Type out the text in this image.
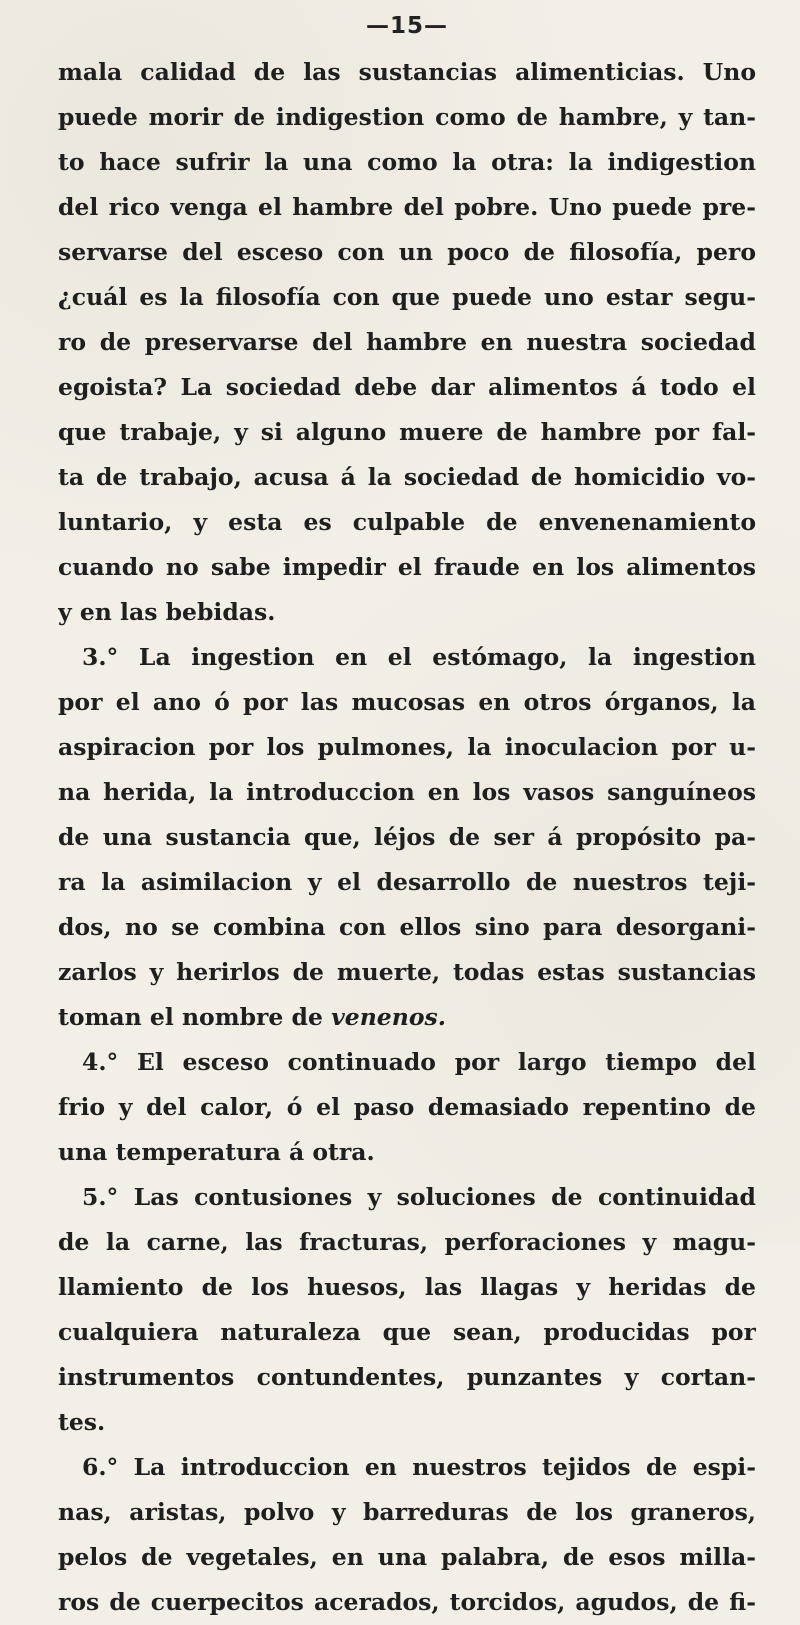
—15—
mala calidad de las sustancias alimenticias. Uno
puede morir de indigestion como de hambre, y tan-
to hace sufrir la una como la otra: la indigestion
del rico venga el hambre del pobre. Uno puede pre-
servarse del esceso con un poco de filosofía, pero
¿cuál es la filosofía con que puede uno estar segu-
ro de preservarse del hambre en nuestra sociedad
egoista? La sociedad debe dar alimentos á todo el
que trabaje, y si alguno muere de hambre por fal-
ta de trabajo, acusa á la sociedad de homicidio vo-
luntario, y esta es culpable de envenenamiento
cuando no sabe impedir el fraude en los alimentos
y en las bebidas.
3.° La ingestion en el estómago, la ingestion
por el ano ó por las mucosas en otros órganos, la
aspiracion por los pulmones, la inoculacion por u-
na herida, la introduccion en los vasos sanguíneos
de una sustancia que, léjos de ser á propósito pa-
ra la asimilacion y el desarrollo de nuestros teji-
dos, no se combina con ellos sino para desorgani-
zarlos y herirlos de muerte, todas estas sustancias
toman el nombre de venenos.
4.° El esceso continuado por largo tiempo del
frio y del calor, ó el paso demasiado repentino de
una temperatura á otra.
5.° Las contusiones y soluciones de continuidad
de la carne, las fracturas, perforaciones y magu-
llamiento de los huesos, las llagas y heridas de
cualquiera naturaleza que sean, producidas por
instrumentos contundentes, punzantes y cortan-
tes.
6.° La introduccion en nuestros tejidos de espi-
nas, aristas, polvo y barreduras de los graneros,
pelos de vegetales, en una palabra, de esos milla-
ros de cuerpecitos acerados, torcidos, agudos, de fi-
